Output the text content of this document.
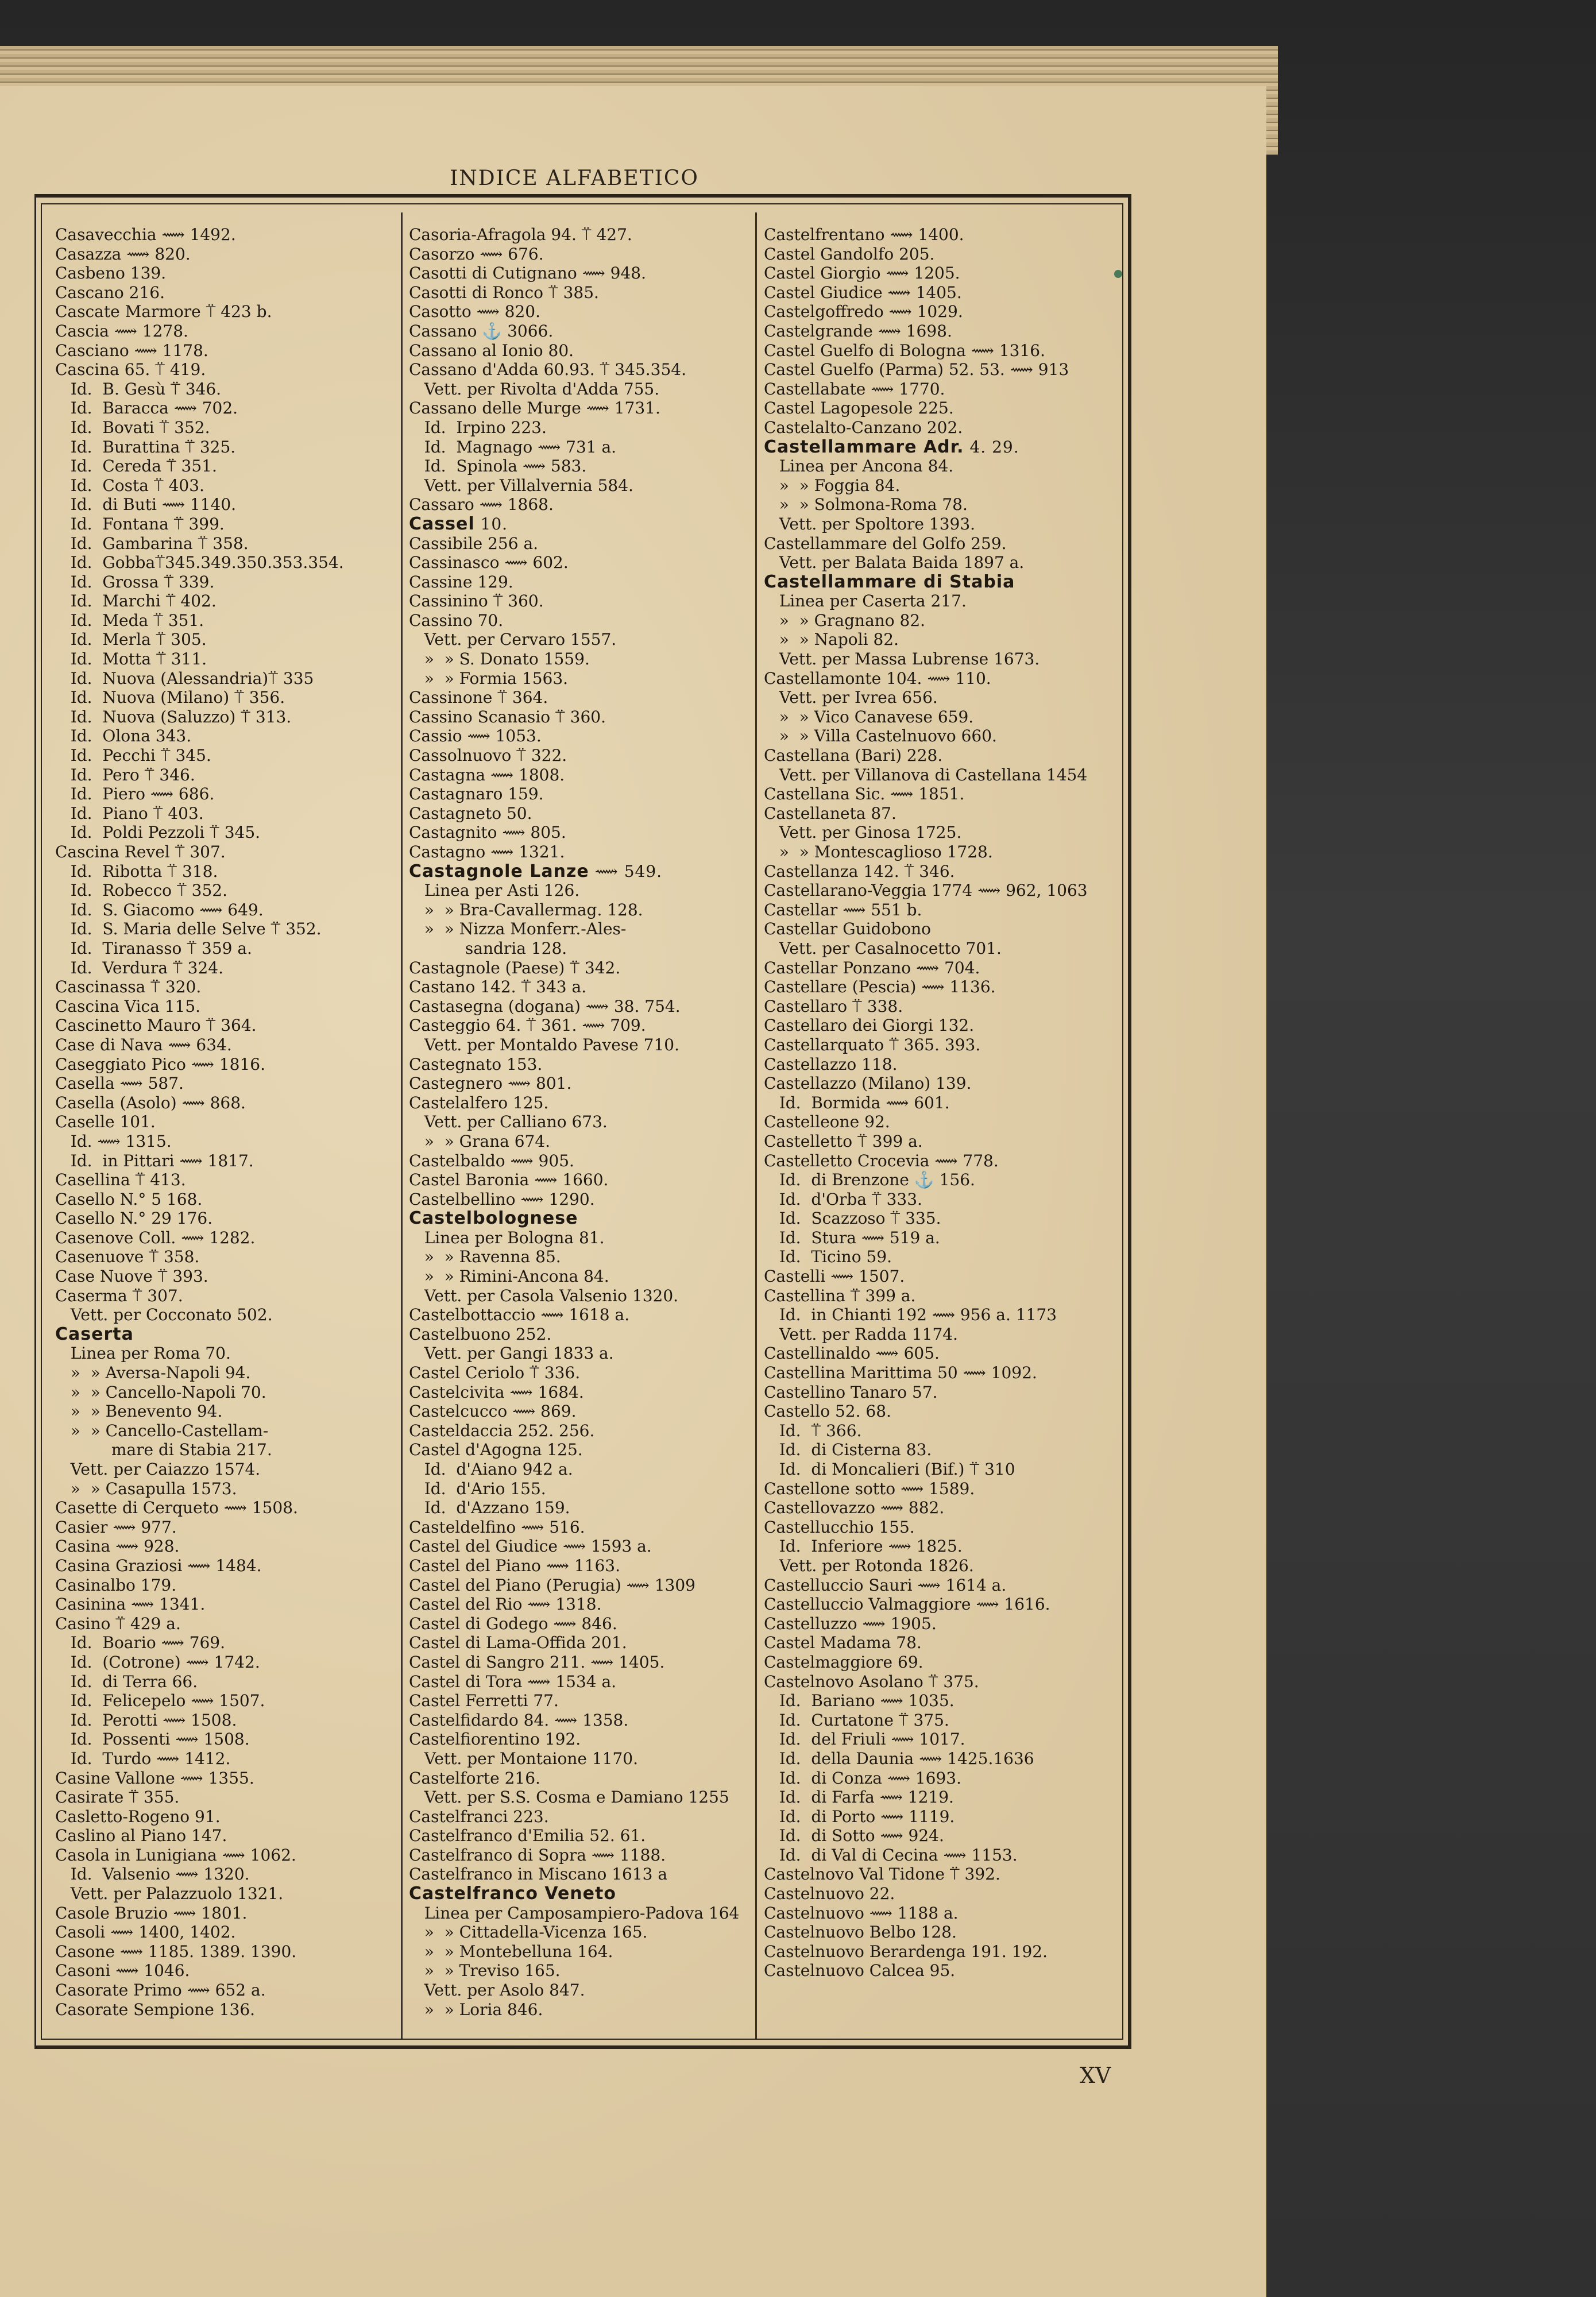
INDICE ALFABETICO
Casavecchia ⟿ 1492.
Casazza ⟿ 820.
Casbeno 139.
Cascano 216.
Cascate Marmore ⍡ 423 b.
Cascia ⟿ 1278.
Casciano ⟿ 1178.
Cascina 65. ⍡ 419.
Id.  B. Gesù ⍡ 346.
Id.  Baracca ⟿ 702.
Id.  Bovati ⍡ 352.
Id.  Burattina ⍡ 325.
Id.  Cereda ⍡ 351.
Id.  Costa ⍡ 403.
Id.  di Buti ⟿ 1140.
Id.  Fontana ⍡ 399.
Id.  Gambarina ⍡ 358.
Id.  Gobba⍡345.349.350.353.354.
Id.  Grossa ⍡ 339.
Id.  Marchi ⍡ 402.
Id.  Meda ⍡ 351.
Id.  Merla ⍡ 305.
Id.  Motta ⍡ 311.
Id.  Nuova (Alessandria)⍡ 335
Id.  Nuova (Milano) ⍡ 356.
Id.  Nuova (Saluzzo) ⍡ 313.
Id.  Olona 343.
Id.  Pecchi ⍡ 345.
Id.  Pero ⍡ 346.
Id.  Piero ⟿ 686.
Id.  Piano ⍡ 403.
Id.  Poldi Pezzoli ⍡ 345.
Cascina Revel ⍡ 307.
Id.  Ribotta ⍡ 318.
Id.  Robecco ⍡ 352.
Id.  S. Giacomo ⟿ 649.
Id.  S. Maria delle Selve ⍡ 352.
Id.  Tiranasso ⍡ 359 a.
Id.  Verdura ⍡ 324.
Cascinassa ⍡ 320.
Cascina Vica 115.
Cascinetto Mauro ⍡ 364.
Case di Nava ⟿ 634.
Caseggiato Pico ⟿ 1816.
Casella ⟿ 587.
Casella (Asolo) ⟿ 868.
Caselle 101.
Id. ⟿ 1315.
Id.  in Pittari ⟿ 1817.
Casellina ⍡ 413.
Casello N.° 5 168.
Casello N.° 29 176.
Casenove Coll. ⟿ 1282.
Casenuove ⍡ 358.
Case Nuove ⍡ 393.
Caserma ⍡ 307.
Vett. per Cocconato 502.
Caserta
Linea per Roma 70.
»  » Aversa-Napoli 94.
»  » Cancello-Napoli 70.
»  » Benevento 94.
»  » Cancello-Castellam-
mare di Stabia 217.
Vett. per Caiazzo 1574.
»  » Casapulla 1573.
Casette di Cerqueto ⟿ 1508.
Casier ⟿ 977.
Casina ⟿ 928.
Casina Graziosi ⟿ 1484.
Casinalbo 179.
Casinina ⟿ 1341.
Casino ⍡ 429 a.
Id.  Boario ⟿ 769.
Id.  (Cotrone) ⟿ 1742.
Id.  di Terra 66.
Id.  Felicepelo ⟿ 1507.
Id.  Perotti ⟿ 1508.
Id.  Possenti ⟿ 1508.
Id.  Turdo ⟿ 1412.
Casine Vallone ⟿ 1355.
Casirate ⍡ 355.
Casletto-Rogeno 91.
Caslino al Piano 147.
Casola in Lunigiana ⟿ 1062.
Id.  Valsenio ⟿ 1320.
Vett. per Palazzuolo 1321.
Casole Bruzio ⟿ 1801.
Casoli ⟿ 1400, 1402.
Casone ⟿ 1185. 1389. 1390.
Casoni ⟿ 1046.
Casorate Primo ⟿ 652 a.
Casorate Sempione 136.
Casoria-Afragola 94. ⍡ 427.
Casorzo ⟿ 676.
Casotti di Cutignano ⟿ 948.
Casotti di Ronco ⍡ 385.
Casotto ⟿ 820.
Cassano ⚓ 3066.
Cassano al Ionio 80.
Cassano d'Adda 60.93. ⍡ 345.354.
Vett. per Rivolta d'Adda 755.
Cassano delle Murge ⟿ 1731.
Id.  Irpino 223.
Id.  Magnago ⟿ 731 a.
Id.  Spinola ⟿ 583.
Vett. per Villalvernia 584.
Cassaro ⟿ 1868.
Cassel 10.
Cassibile 256 a.
Cassinasco ⟿ 602.
Cassine 129.
Cassinino ⍡ 360.
Cassino 70.
Vett. per Cervaro 1557.
»  » S. Donato 1559.
»  » Formia 1563.
Cassinone ⍡ 364.
Cassino Scanasio ⍡ 360.
Cassio ⟿ 1053.
Cassolnuovo ⍡ 322.
Castagna ⟿ 1808.
Castagnaro 159.
Castagneto 50.
Castagnito ⟿ 805.
Castagno ⟿ 1321.
Castagnole Lanze ⟿ 549.
Linea per Asti 126.
»  » Bra-Cavallermag. 128.
»  » Nizza Monferr.-Ales-
sandria 128.
Castagnole (Paese) ⍡ 342.
Castano 142. ⍡ 343 a.
Castasegna (dogana) ⟿ 38. 754.
Casteggio 64. ⍡ 361. ⟿ 709.
Vett. per Montaldo Pavese 710.
Castegnato 153.
Castegnero ⟿ 801.
Castelalfero 125.
Vett. per Calliano 673.
»  » Grana 674.
Castelbaldo ⟿ 905.
Castel Baronia ⟿ 1660.
Castelbellino ⟿ 1290.
Castelbolognese
Linea per Bologna 81.
»  » Ravenna 85.
»  » Rimini-Ancona 84.
Vett. per Casola Valsenio 1320.
Castelbottaccio ⟿ 1618 a.
Castelbuono 252.
Vett. per Gangi 1833 a.
Castel Ceriolo ⍡ 336.
Castelcivita ⟿ 1684.
Castelcucco ⟿ 869.
Casteldaccia 252. 256.
Castel d'Agogna 125.
Id.  d'Aiano 942 a.
Id.  d'Ario 155.
Id.  d'Azzano 159.
Casteldelfino ⟿ 516.
Castel del Giudice ⟿ 1593 a.
Castel del Piano ⟿ 1163.
Castel del Piano (Perugia) ⟿ 1309
Castel del Rio ⟿ 1318.
Castel di Godego ⟿ 846.
Castel di Lama-Offida 201.
Castel di Sangro 211. ⟿ 1405.
Castel di Tora ⟿ 1534 a.
Castel Ferretti 77.
Castelfidardo 84. ⟿ 1358.
Castelfiorentino 192.
Vett. per Montaione 1170.
Castelforte 216.
Vett. per S.S. Cosma e Damiano 1255
Castelfranci 223.
Castelfranco d'Emilia 52. 61.
Castelfranco di Sopra ⟿ 1188.
Castelfranco in Miscano 1613 a
Castelfranco Veneto
Linea per Camposampiero-Padova 164
»  » Cittadella-Vicenza 165.
»  » Montebelluna 164.
»  » Treviso 165.
Vett. per Asolo 847.
»  » Loria 846.
Castelfrentano ⟿ 1400.
Castel Gandolfo 205.
Castel Giorgio ⟿ 1205.
Castel Giudice ⟿ 1405.
Castelgoffredo ⟿ 1029.
Castelgrande ⟿ 1698.
Castel Guelfo di Bologna ⟿ 1316.
Castel Guelfo (Parma) 52. 53. ⟿ 913
Castellabate ⟿ 1770.
Castel Lagopesole 225.
Castelalto-Canzano 202.
Castellammare Adr. 4. 29.
Linea per Ancona 84.
»  » Foggia 84.
»  » Solmona-Roma 78.
Vett. per Spoltore 1393.
Castellammare del Golfo 259.
Vett. per Balata Baida 1897 a.
Castellammare di Stabia
Linea per Caserta 217.
»  » Gragnano 82.
»  » Napoli 82.
Vett. per Massa Lubrense 1673.
Castellamonte 104. ⟿ 110.
Vett. per Ivrea 656.
»  » Vico Canavese 659.
»  » Villa Castelnuovo 660.
Castellana (Bari) 228.
Vett. per Villanova di Castellana 1454
Castellana Sic. ⟿ 1851.
Castellaneta 87.
Vett. per Ginosa 1725.
»  » Montescaglioso 1728.
Castellanza 142. ⍡ 346.
Castellarano-Veggia 1774 ⟿ 962, 1063
Castellar ⟿ 551 b.
Castellar Guidobono
Vett. per Casalnocetto 701.
Castellar Ponzano ⟿ 704.
Castellare (Pescia) ⟿ 1136.
Castellaro ⍡ 338.
Castellaro dei Giorgi 132.
Castellarquato ⍡ 365. 393.
Castellazzo 118.
Castellazzo (Milano) 139.
Id.  Bormida ⟿ 601.
Castelleone 92.
Castelletto ⍡ 399 a.
Castelletto Crocevia ⟿ 778.
Id.  di Brenzone ⚓ 156.
Id.  d'Orba ⍡ 333.
Id.  Scazzoso ⍡ 335.
Id.  Stura ⟿ 519 a.
Id.  Ticino 59.
Castelli ⟿ 1507.
Castellina ⍡ 399 a.
Id.  in Chianti 192 ⟿ 956 a. 1173
Vett. per Radda 1174.
Castellinaldo ⟿ 605.
Castellina Marittima 50 ⟿ 1092.
Castellino Tanaro 57.
Castello 52. 68.
Id.  ⍡ 366.
Id.  di Cisterna 83.
Id.  di Moncalieri (Bif.) ⍡ 310
Castellone sotto ⟿ 1589.
Castellovazzo ⟿ 882.
Castellucchio 155.
Id.  Inferiore ⟿ 1825.
Vett. per Rotonda 1826.
Castelluccio Sauri ⟿ 1614 a.
Castelluccio Valmaggiore ⟿ 1616.
Castelluzzo ⟿ 1905.
Castel Madama 78.
Castelmaggiore 69.
Castelnovo Asolano ⍡ 375.
Id.  Bariano ⟿ 1035.
Id.  Curtatone ⍡ 375.
Id.  del Friuli ⟿ 1017.
Id.  della Daunia ⟿ 1425.1636
Id.  di Conza ⟿ 1693.
Id.  di Farfa ⟿ 1219.
Id.  di Porto ⟿ 1119.
Id.  di Sotto ⟿ 924.
Id.  di Val di Cecina ⟿ 1153.
Castelnovo Val Tidone ⍡ 392.
Castelnuovo 22.
Castelnuovo ⟿ 1188 a.
Castelnuovo Belbo 128.
Castelnuovo Berardenga 191. 192.
Castelnuovo Calcea 95.
XV
